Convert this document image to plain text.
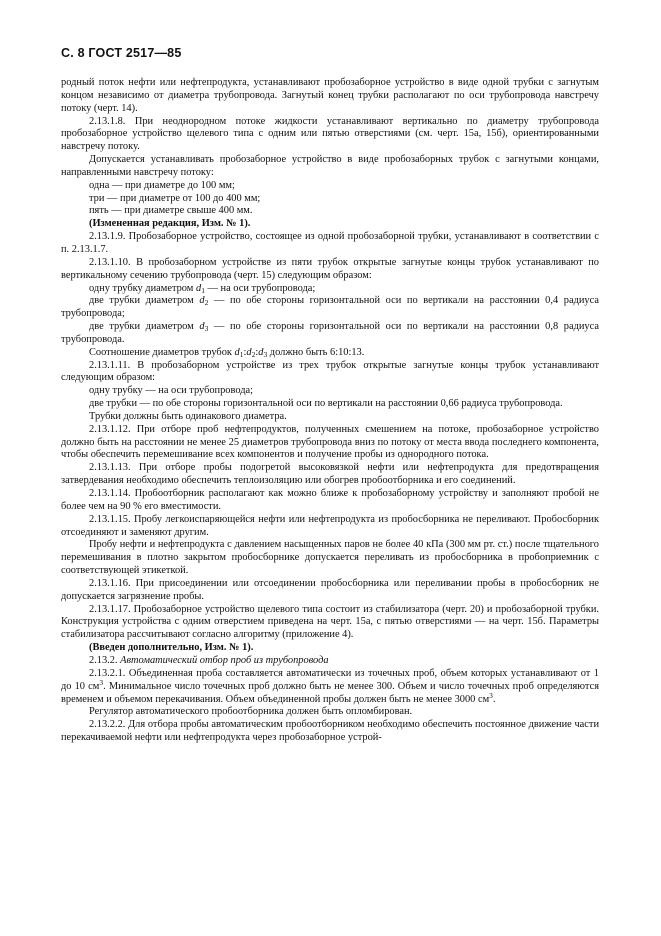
С. 8 ГОСТ 2517—85

родный поток нефти или нефтепродукта, устанавливают пробозаборное устройство в виде одной трубки с загнутым концом независимо от диаметра трубопровода. Загнутый конец трубки располагают по оси трубопровода навстречу потоку (черт. 14).

2.13.1.8. При неоднородном потоке жидкости устанавливают вертикально по диаметру трубопровода пробозаборное устройство щелевого типа с одним или пятью отверстиями (см. черт. 15а, 15б), ориентированными навстречу потоку.

Допускается устанавливать пробозаборное устройство в виде пробозаборных трубок с загнутыми концами, направленными навстречу потоку:

одна — при диаметре до 100 мм;

три — при диаметре от 100 до 400 мм;

пять — при диаметре свыше 400 мм.

(Измененная редакция, Изм. № 1).

2.13.1.9. Пробозаборное устройство, состоящее из одной пробозаборной трубки, устанавливают в соответствии с п. 2.13.1.7.

2.13.1.10. В пробозаборном устройстве из пяти трубок открытые загнутые концы трубок устанавливают по вертикальному сечению трубопровода (черт. 15) следующим образом:

одну трубку диаметром $d_1$ — на оси трубопровода;

две трубки диаметром $d_2$ — по обе стороны горизонтальной оси по вертикали на расстоянии 0,4 радиуса трубопровода;

две трубки диаметром $d_3$ — по обе стороны горизонтальной оси по вертикали на расстоянии 0,8 радиуса трубопровода.

Соотношение диаметров трубок $d_1:d_2:d_3$ должно быть 6:10:13.

2.13.1.11. В пробозаборном устройстве из трех трубок открытые загнутые концы трубок устанавливают следующим образом:

одну трубку — на оси трубопровода;

две трубки — по обе стороны горизонтальной оси по вертикали на расстоянии 0,66 радиуса трубопровода.

Трубки должны быть одинакового диаметра.

2.13.1.12. При отборе проб нефтепродуктов, полученных смешением на потоке, пробозаборное устройство должно быть на расстоянии не менее 25 диаметров трубопровода вниз по потоку от места ввода последнего компонента, чтобы обеспечить перемешивание всех компонентов и получение пробы из однородного потока.

2.13.1.13. При отборе пробы подогретой высоковязкой нефти или нефтепродукта для предотвращения затвердевания необходимо обеспечить теплоизоляцию или обогрев пробоотборника и его соединений.

2.13.1.14. Пробоотборник располагают как можно ближе к пробозаборному устройству и заполняют пробой не более чем на 90 % его вместимости.

2.13.1.15. Пробу легкоиспаряющейся нефти или нефтепродукта из пробосборника не переливают. Пробосборник отсоединяют и заменяют другим.

Пробу нефти и нефтепродукта с давлением насыщенных паров не более 40 кПа (300 мм рт. ст.) после тщательного перемешивания в плотно закрытом пробосборнике допускается переливать из пробосборника в пробоприемник с соответствующей этикеткой.

2.13.1.16. При присоединении или отсоединении пробосборника или переливании пробы в пробосборник не допускается загрязнение пробы.

2.13.1.17. Пробозаборное устройство щелевого типа состоит из стабилизатора (черт. 20) и пробозаборной трубки. Конструкция устройства с одним отверстием приведена на черт. 15а, с пятью отверстиями — на черт. 15б. Параметры стабилизатора рассчитывают согласно алгоритму (приложение 4).

(Введен дополнительно, Изм. № 1).

2.13.2. Автоматический отбор проб из трубопровода

2.13.2.1. Объединенная проба составляется автоматически из точечных проб, объем которых устанавливают от 1 до 10 $см^3$. Минимальное число точечных проб должно быть не менее 300. Объем и число точечных проб определяются временем и объемом перекачивания. Объем объединенной пробы должен быть не менее 3000 $см^3$.

Регулятор автоматического пробоотборника должен быть опломбирован.

2.13.2.2. Для отбора пробы автоматическим пробоотборником необходимо обеспечить постоянное движение части перекачиваемой нефти или нефтепродукта через пробозаборное устрой-
